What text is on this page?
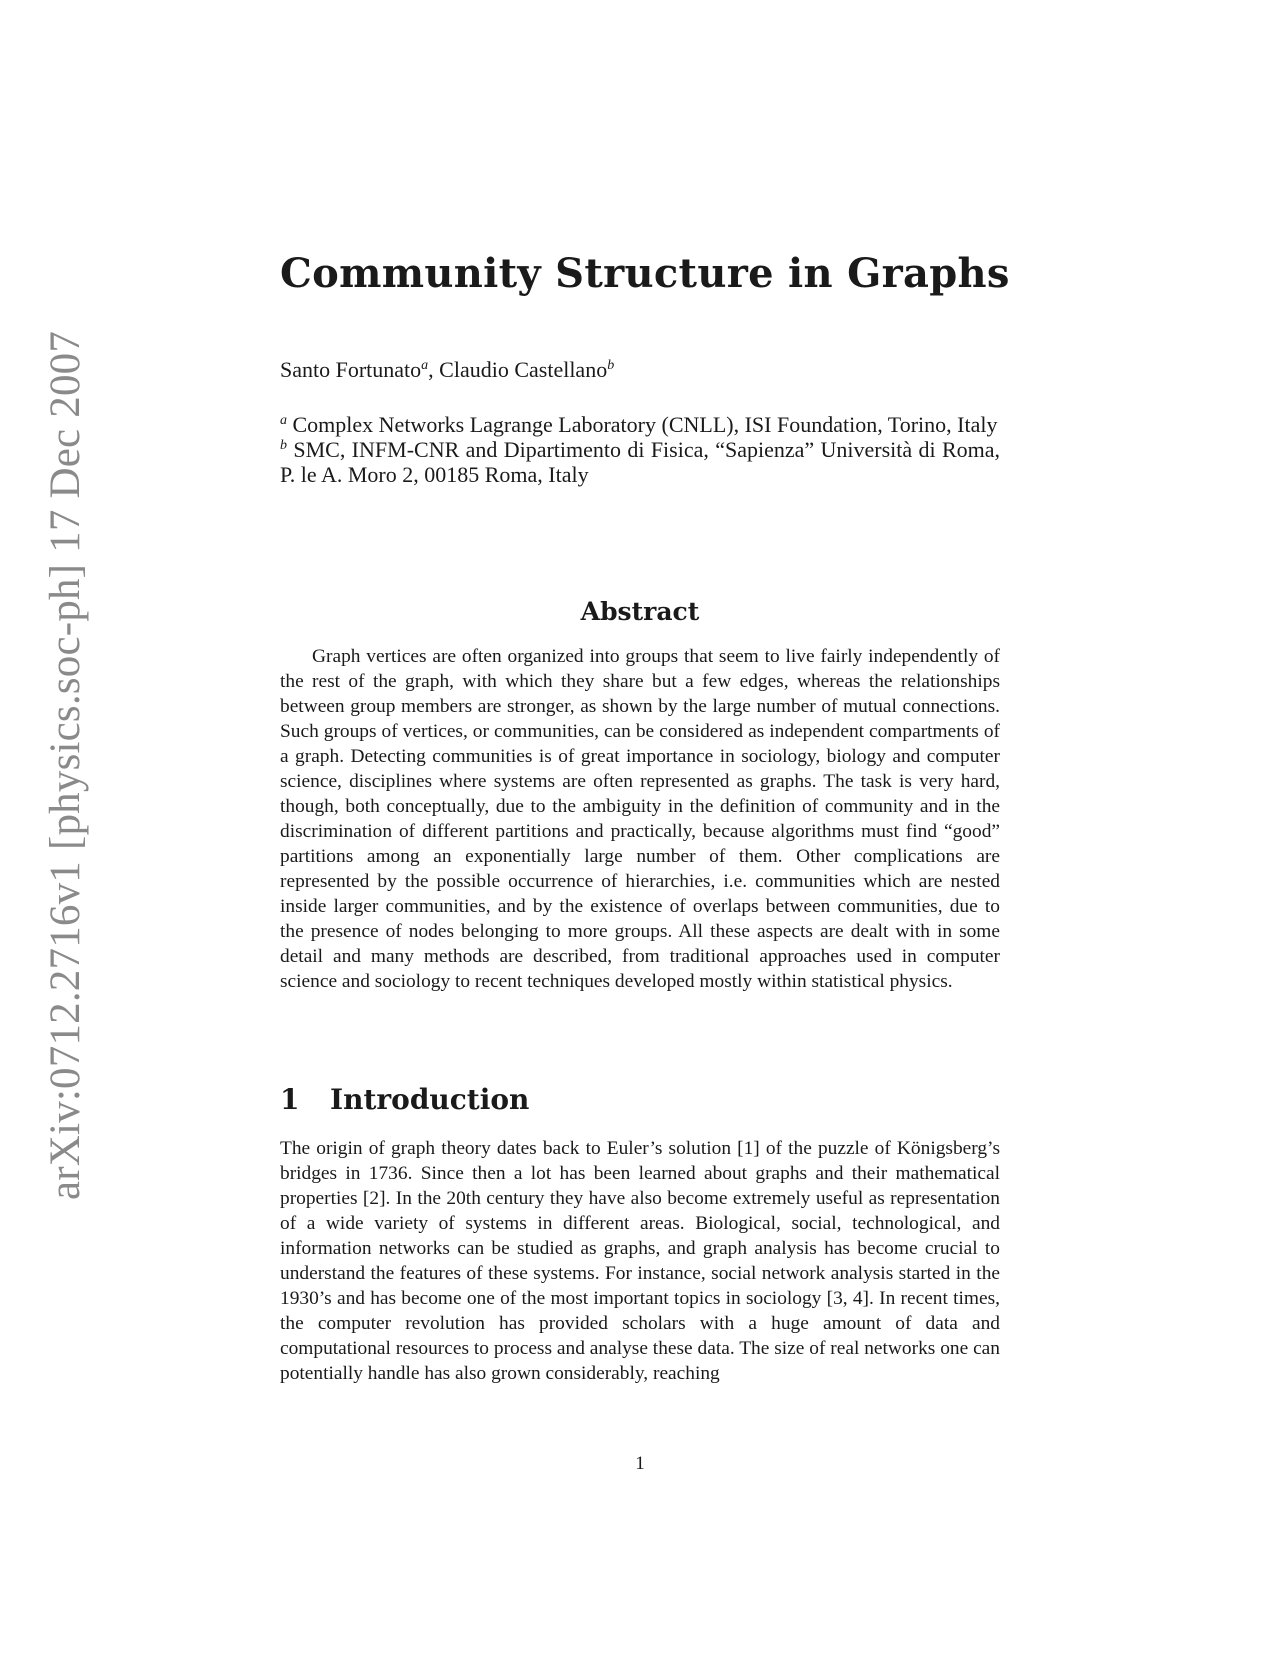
arXiv:0712.2716v1 [physics.soc-ph] 17 Dec 2007
Community Structure in Graphs
Santo Fortunato$^a$, Claudio Castellano$^b$

$^a$ Complex Networks Lagrange Laboratory (CNLL), ISI Foundation, Torino, Italy

$^b$ SMC, INFM-CNR and Dipartimento di Fisica, “Sapienza” Università di Roma, P. le A. Moro 2, 00185 Roma, Italy

Abstract

Graph vertices are often organized into groups that seem to live fairly independently of the rest of the graph, with which they share but a few edges, whereas the relationships between group members are stronger, as shown by the large number of mutual connections. Such groups of vertices, or communities, can be considered as independent compartments of a graph. Detecting communities is of great importance in sociology, biology and computer science, disciplines where systems are often represented as graphs. The task is very hard, though, both conceptually, due to the ambiguity in the definition of community and in the discrimination of different partitions and practically, because algorithms must find “good” partitions among an exponentially large number of them. Other complications are represented by the possible occurrence of hierarchies, i.e. communities which are nested inside larger communities, and by the existence of overlaps between communities, due to the presence of nodes belonging to more groups. All these aspects are dealt with in some detail and many methods are described, from traditional approaches used in computer science and sociology to recent techniques developed mostly within statistical physics.

1 Introduction

The origin of graph theory dates back to Euler’s solution [1] of the puzzle of Königsberg’s bridges in 1736. Since then a lot has been learned about graphs and their mathematical properties [2]. In the 20th century they have also become extremely useful as representation of a wide variety of systems in different areas. Biological, social, technological, and information networks can be studied as graphs, and graph analysis has become crucial to understand the features of these systems. For instance, social network analysis started in the 1930’s and has become one of the most important topics in sociology [3, 4]. In recent times, the computer revolution has provided scholars with a huge amount of data and computational resources to process and analyse these data. The size of real networks one can potentially handle has also grown considerably, reaching

1
